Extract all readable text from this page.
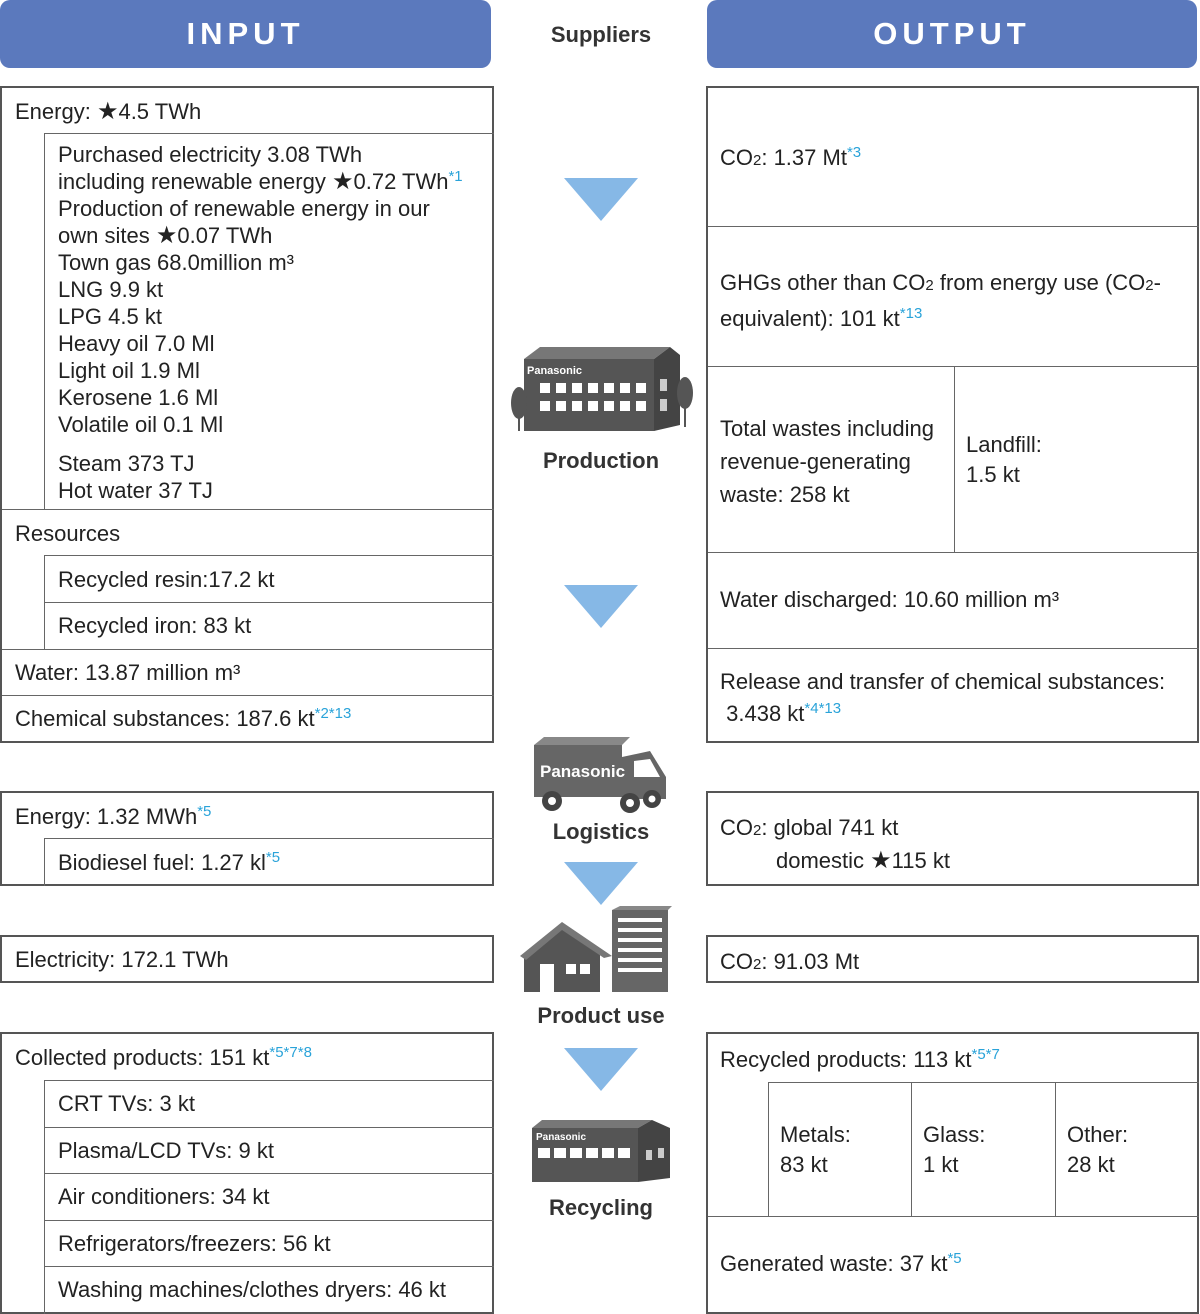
INPUT	Suppliers	OUTPUT
Energy: ★4.5 TWh
Purchased electricity 3.08 TWh
including renewable energy ★0.72 TWh$^{*1}$
Production of renewable energy in our
own sites ★0.07 TWh
Town gas 68.0million m³
LNG 9.9 kt
LPG 4.5 kt
Heavy oil 7.0 Ml
Light oil 1.9 Ml
Kerosene 1.6 Ml
Volatile oil 0.1 Ml
Steam 373 TJ
Hot water 37 TJ
Resources
Recycled resin:17.2 kt
Recycled iron: 83 kt
Water: 13.87 million m³
Chemical substances: 187.6 kt$^{*2*13}$
CO2: 1.37 Mt$^{*3}$
GHGs other than CO2 from energy use (CO2-
equivalent): 101 kt$^{*13}$
Total wastes including
revenue-generating
waste: 258 kt
Landfill:
1.5 kt
Water discharged: 10.60 million m³
Release and transfer of chemical substances:
3.438 kt$^{*4*13}$
Energy: 1.32 MWh$^{*5}$
Biodiesel fuel: 1.27 kl$^{*5}$
CO2: global 741 kt
domestic ★115 kt
Electricity: 172.1 TWh	CO2: 91.03 Mt
Collected products: 151 kt$^{*5*7*8}$
CRT TVs: 3 kt
Plasma/LCD TVs: 9 kt
Air conditioners: 34 kt
Refrigerators/freezers: 56 kt
Washing machines/clothes dryers: 46 kt
Recycled products: 113 kt$^{*5*7}$
Metals:
83 kt
Glass:
1 kt
Other:
28 kt
Generated waste: 37 kt$^{*5}$
Panasonic
Production
Panasonic
Logistics
Product use
Panasonic
Recycling
